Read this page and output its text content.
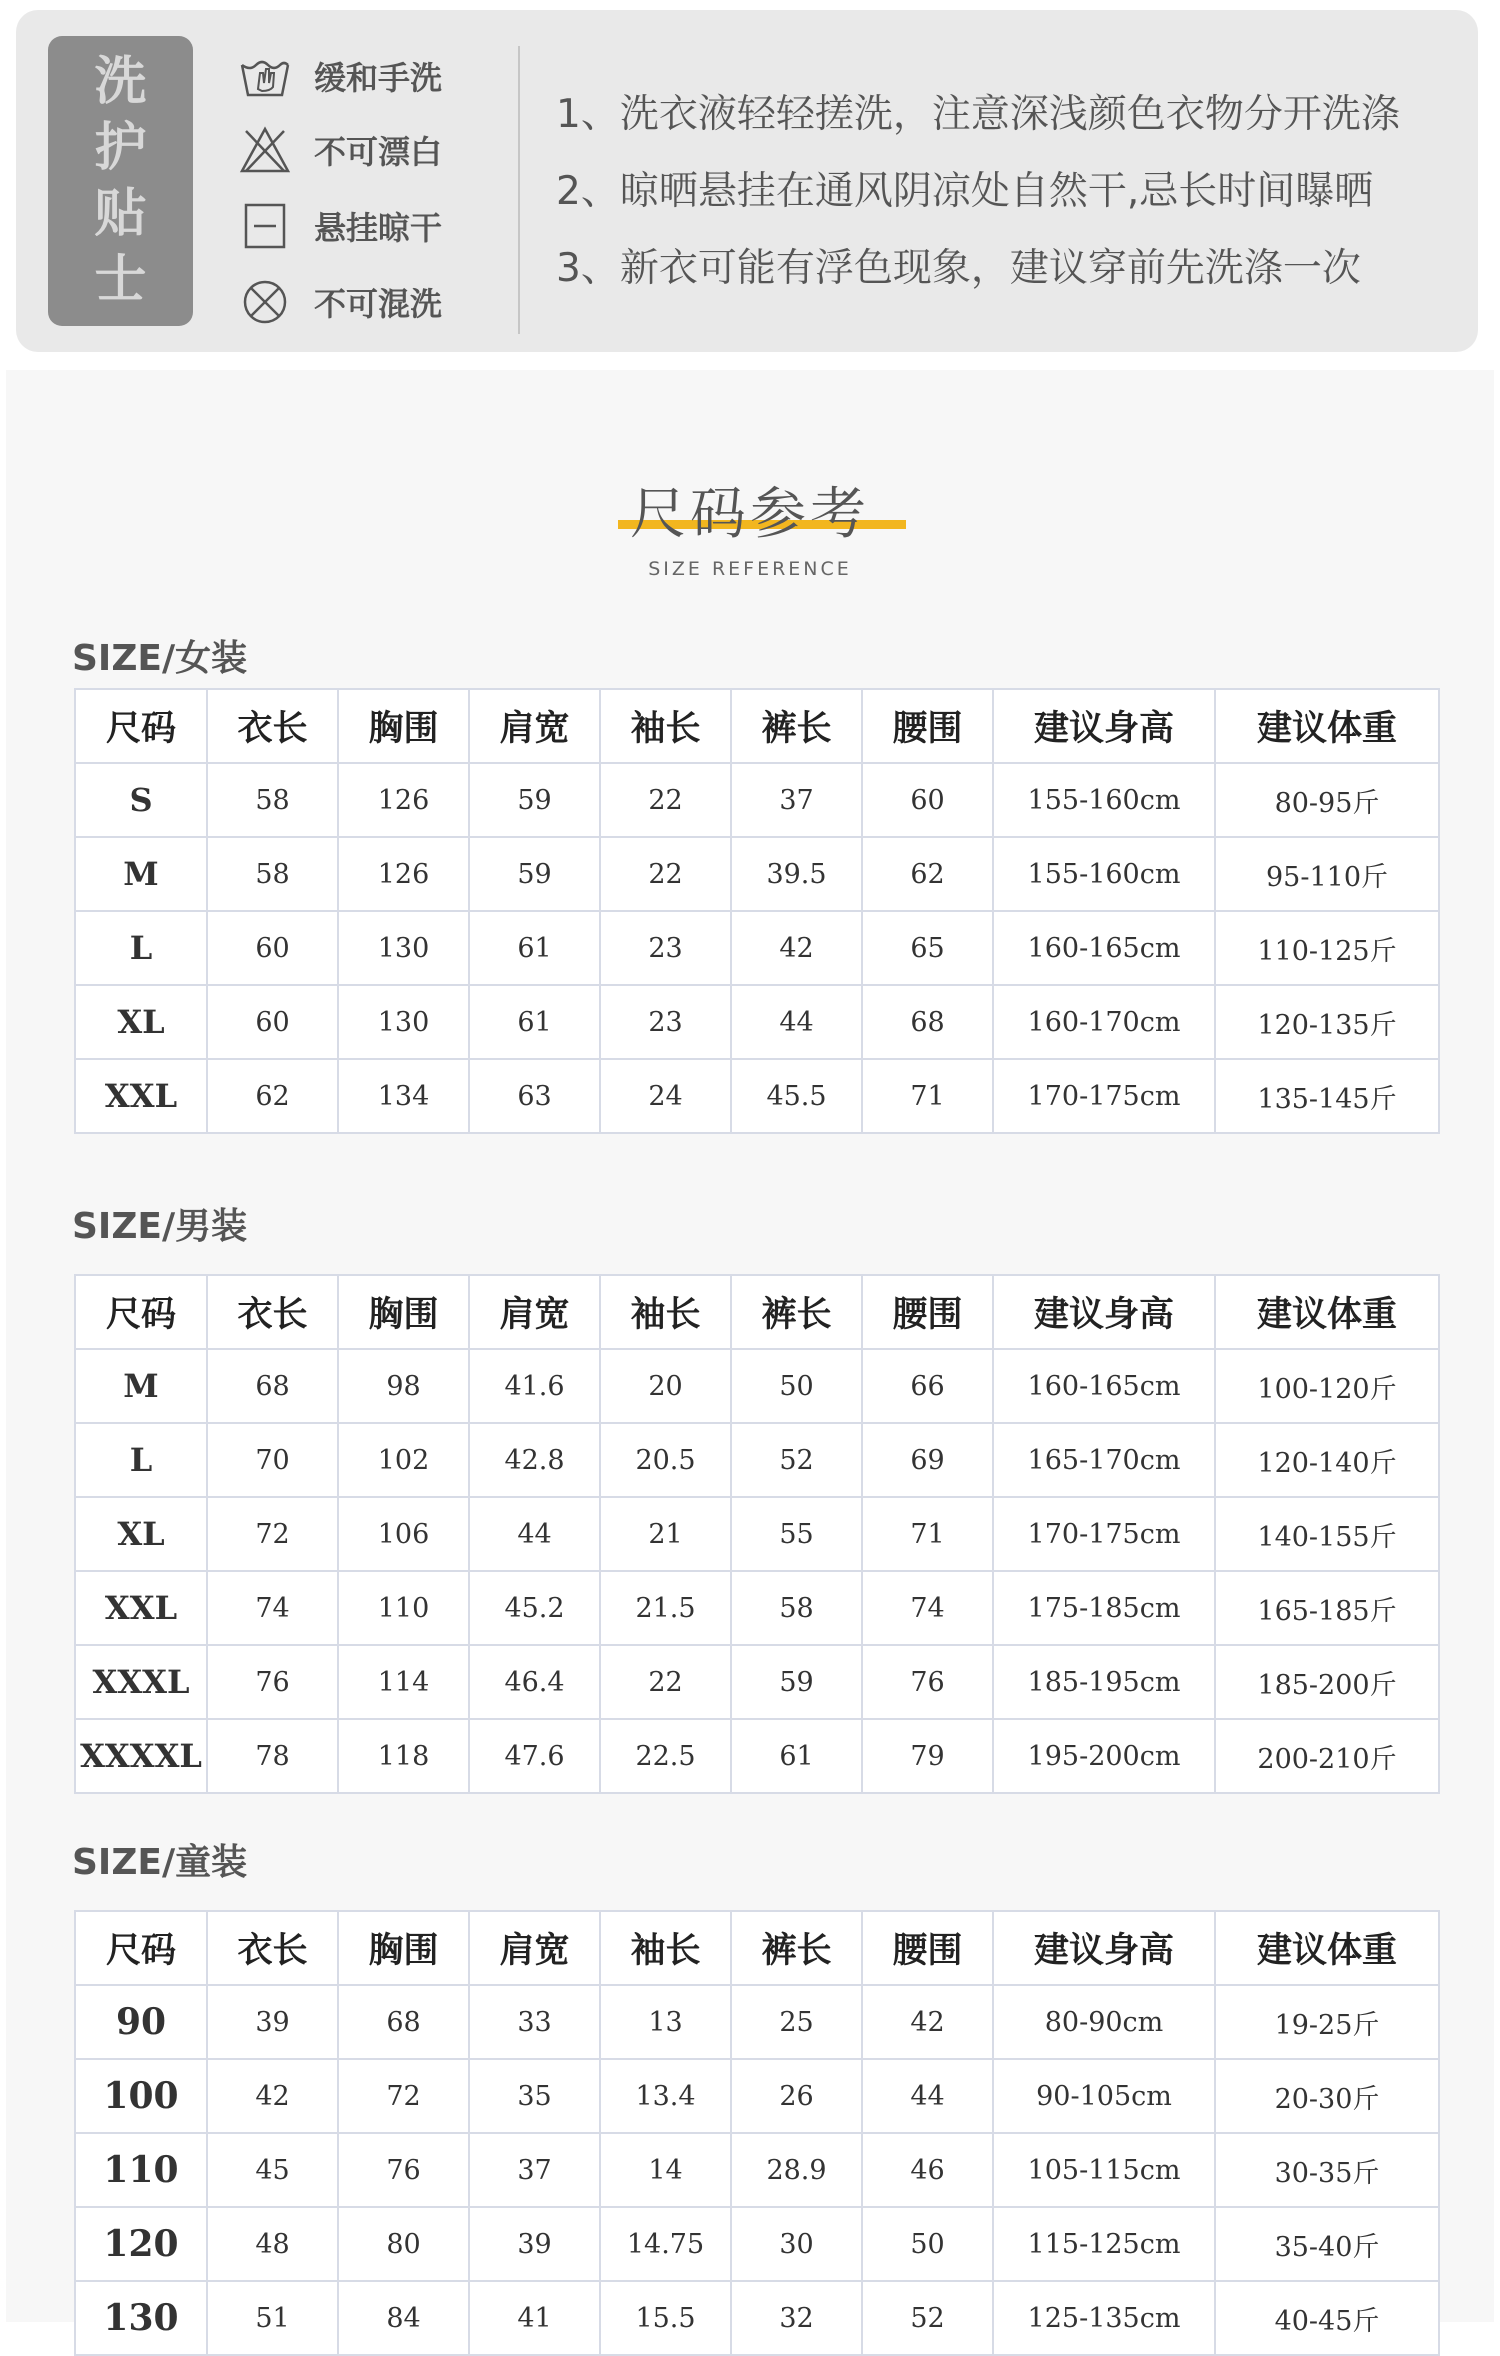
洗
护
贴
士
缓和手洗
不可漂白
悬挂晾干
不可混洗
1、洗衣液轻轻搓洗，注意深浅颜色衣物分开洗涤
2、晾晒悬挂在通风阴凉处自然干,忌长时间曝晒
3、新衣可能有浮色现象，建议穿前先洗涤一次
尺码参考
SIZE REFERENCE
SIZE/女装
尺码	衣长	胸围	肩宽	袖长	裤长	腰围	建议身高	建议体重
S	58	126	59	22	37	60	155-160cm	80-95斤
M	58	126	59	22	39.5	62	155-160cm	95-110斤
L	60	130	61	23	42	65	160-165cm	110-125斤
XL	60	130	61	23	44	68	160-170cm	120-135斤
XXL	62	134	63	24	45.5	71	170-175cm	135-145斤
SIZE/男装
尺码	衣长	胸围	肩宽	袖长	裤长	腰围	建议身高	建议体重
M	68	98	41.6	20	50	66	160-165cm	100-120斤
L	70	102	42.8	20.5	52	69	165-170cm	120-140斤
XL	72	106	44	21	55	71	170-175cm	140-155斤
XXL	74	110	45.2	21.5	58	74	175-185cm	165-185斤
XXXL	76	114	46.4	22	59	76	185-195cm	185-200斤
XXXXL	78	118	47.6	22.5	61	79	195-200cm	200-210斤
SIZE/童装
尺码	衣长	胸围	肩宽	袖长	裤长	腰围	建议身高	建议体重
90	39	68	33	13	25	42	80-90cm	19-25斤
100	42	72	35	13.4	26	44	90-105cm	20-30斤
110	45	76	37	14	28.9	46	105-115cm	30-35斤
120	48	80	39	14.75	30	50	115-125cm	35-40斤
130	51	84	41	15.5	32	52	125-135cm	40-45斤
